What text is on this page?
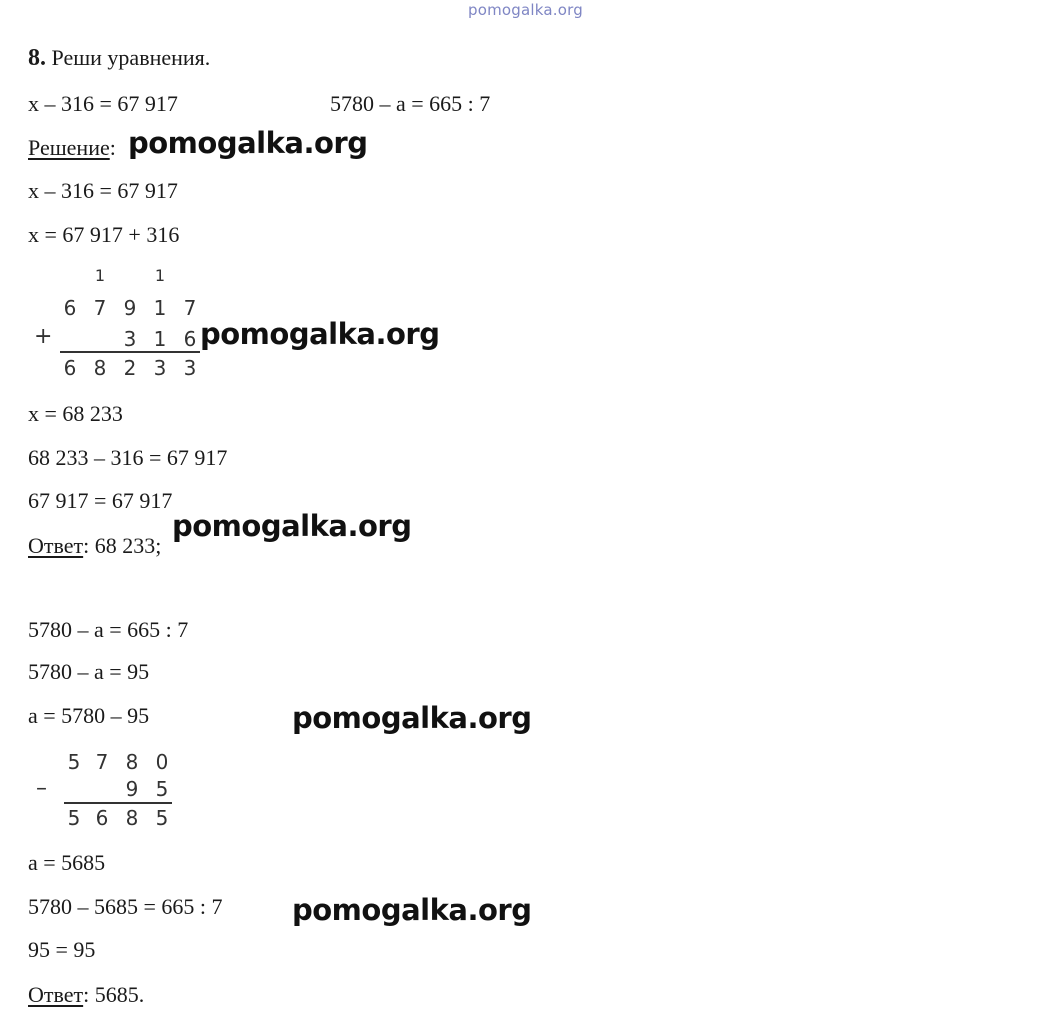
pomogalka.org
8. Реши уравнения.
x – 316 = 67 917	5780 – a = 665 : 7
Решение: pomogalka.org
x – 316 = 67 917
x = 67 917 + 316
1	1
6 7 9 1 7
+	3 1 6
6 8 2 3 3
pomogalka.org
x = 68 233
68 233 – 316 = 67 917
67 917 = 67 917
Ответ: 68 233;
pomogalka.org
5780 – a = 665 : 7
5780 – a = 95
a = 5780 – 95	pomogalka.org
5 7 8 0
–	9 5
5 6 8 5
a = 5685
5780 – 5685 = 665 : 7 pomogalka.org
95 = 95
Ответ: 5685.
